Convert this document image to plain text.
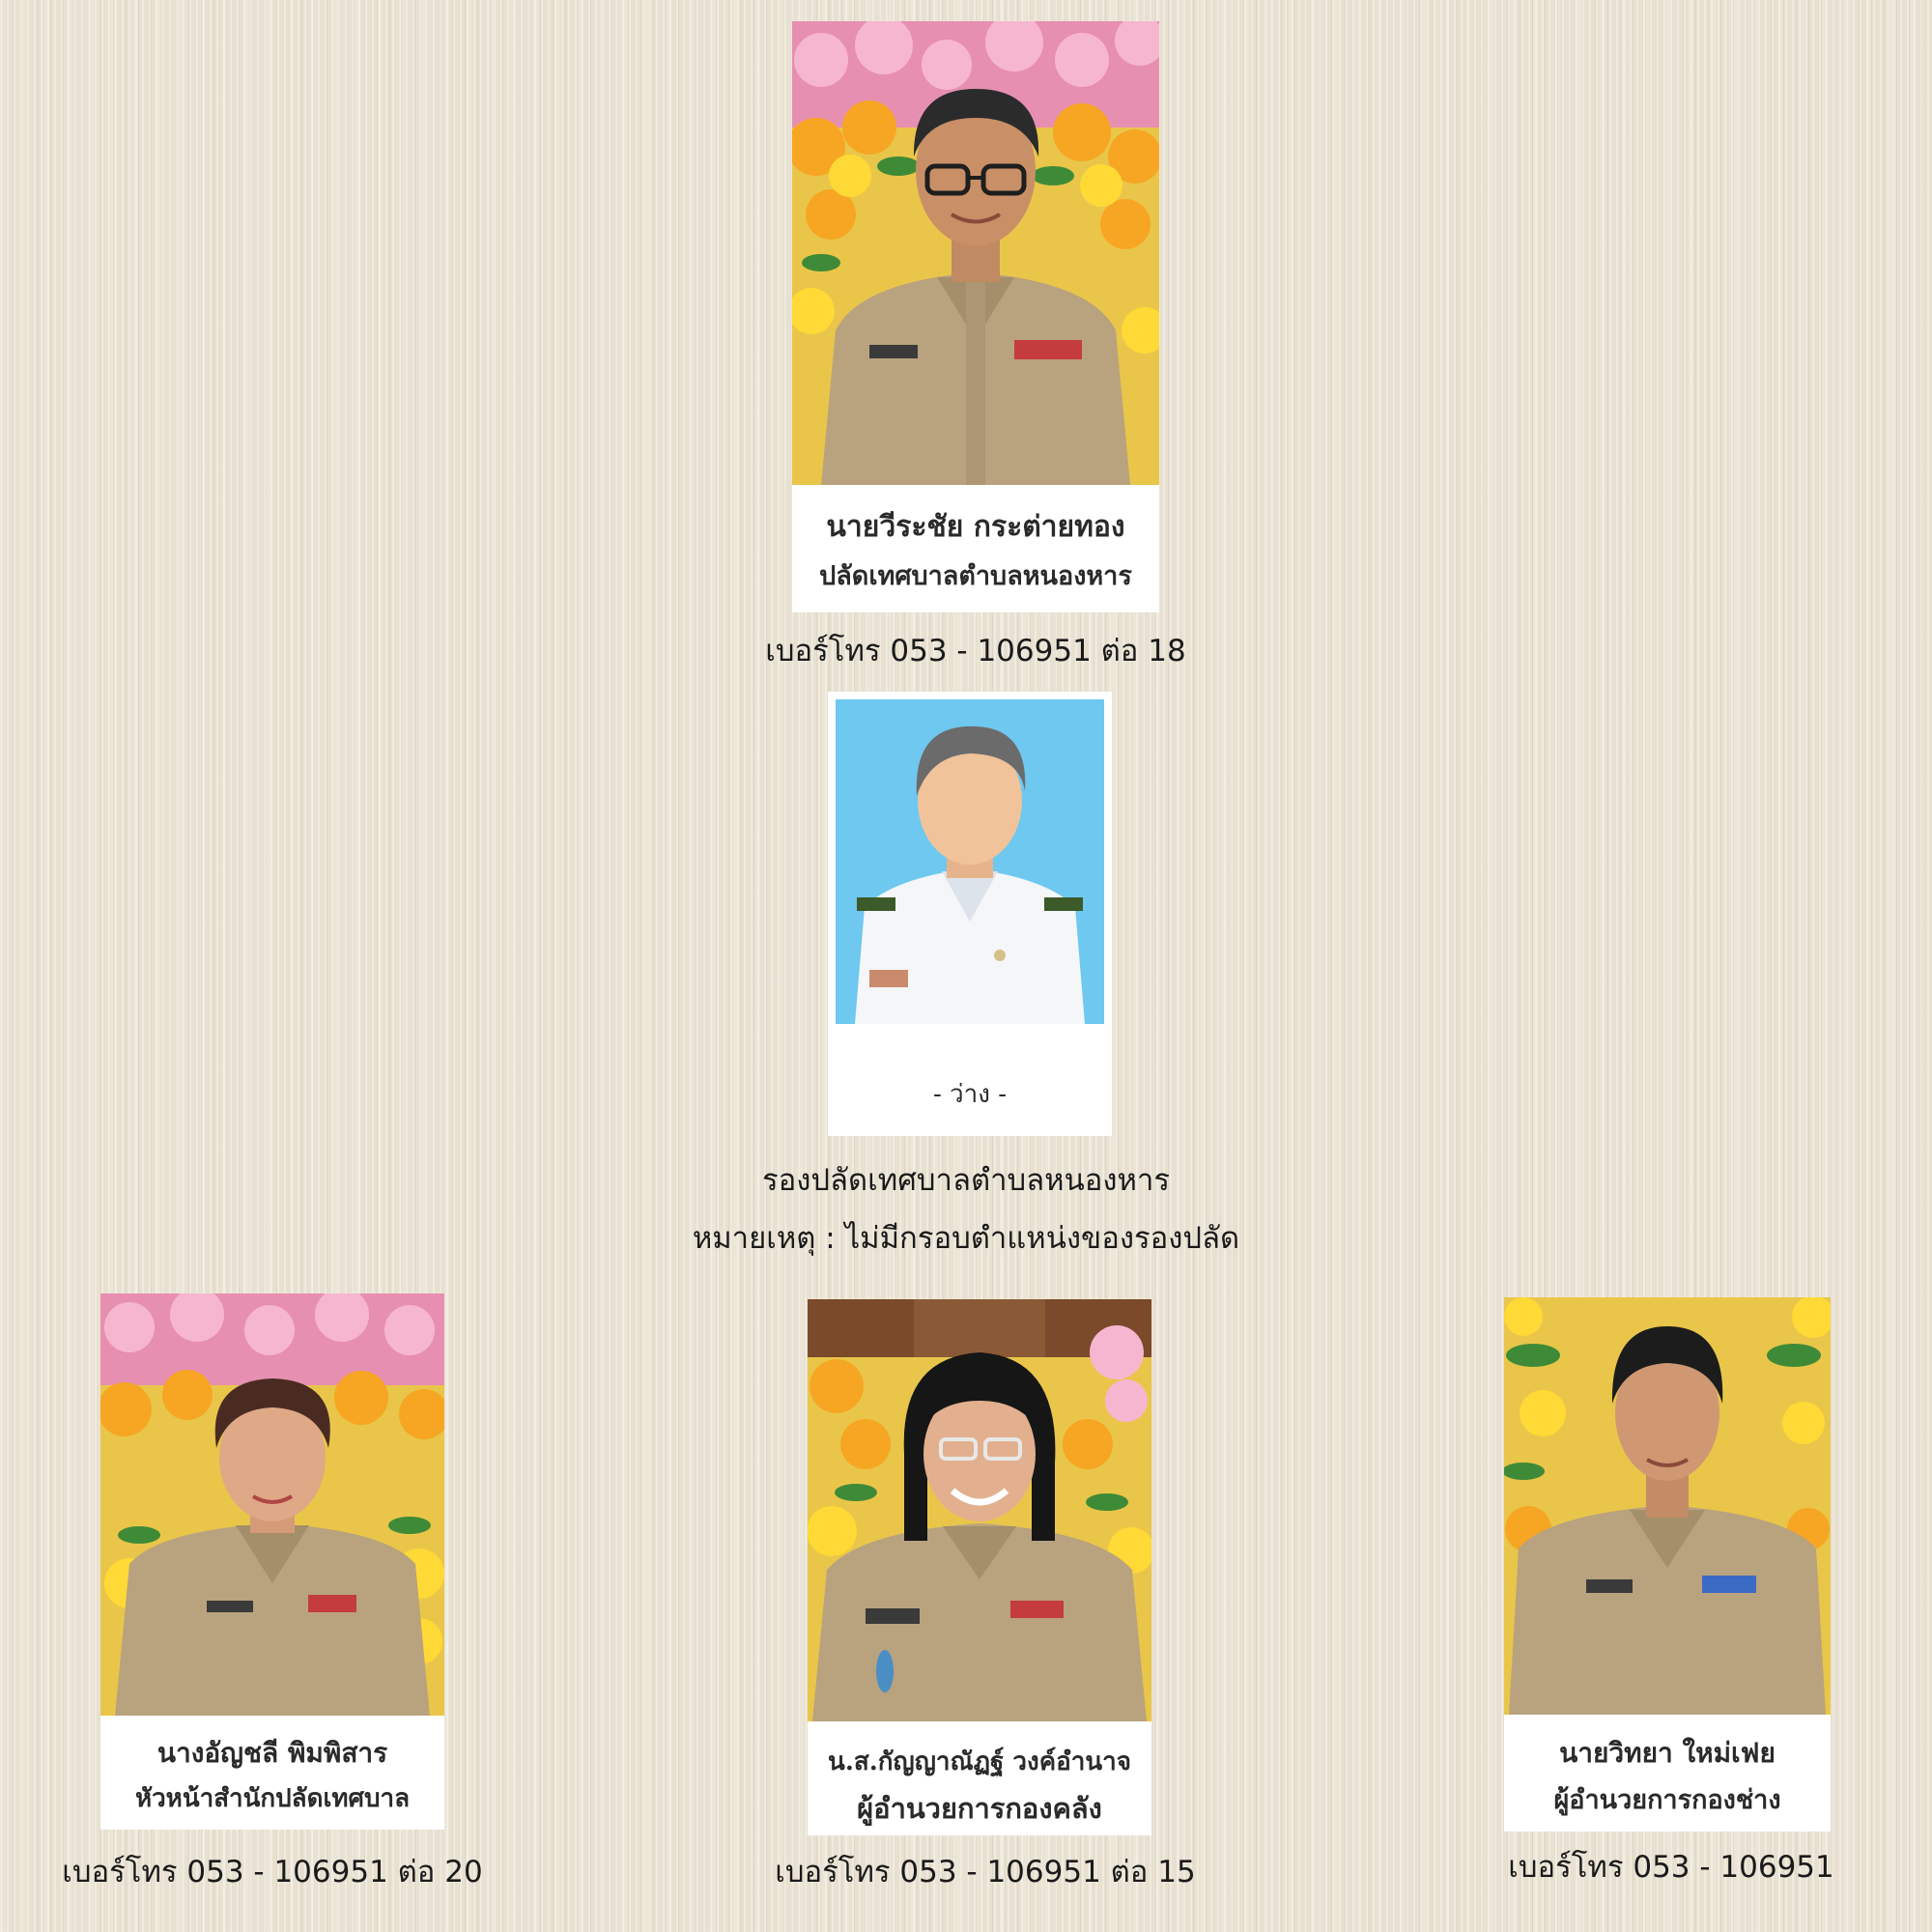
นายวีระชัย กระต่ายทอง
ปลัดเทศบาลตำบลหนองหาร
เบอร์โทร 053 - 106951 ต่อ 18
- ว่าง -
รองปลัดเทศบาลตำบลหนองหาร
หมายเหตุ : ไม่มีกรอบตำแหน่งของรองปลัด
นางอัญชลี พิมพิสาร
หัวหน้าสำนักปลัดเทศบาล
เบอร์โทร 053 - 106951 ต่อ 20
น.ส.กัญญาณัฏฐ์ วงค์อำนาจ
ผู้อำนวยการกองคลัง
เบอร์โทร 053 - 106951 ต่อ 15
นายวิทยา ใหม่เฟย
ผู้อำนวยการกองช่าง
เบอร์โทร 053 - 106951
